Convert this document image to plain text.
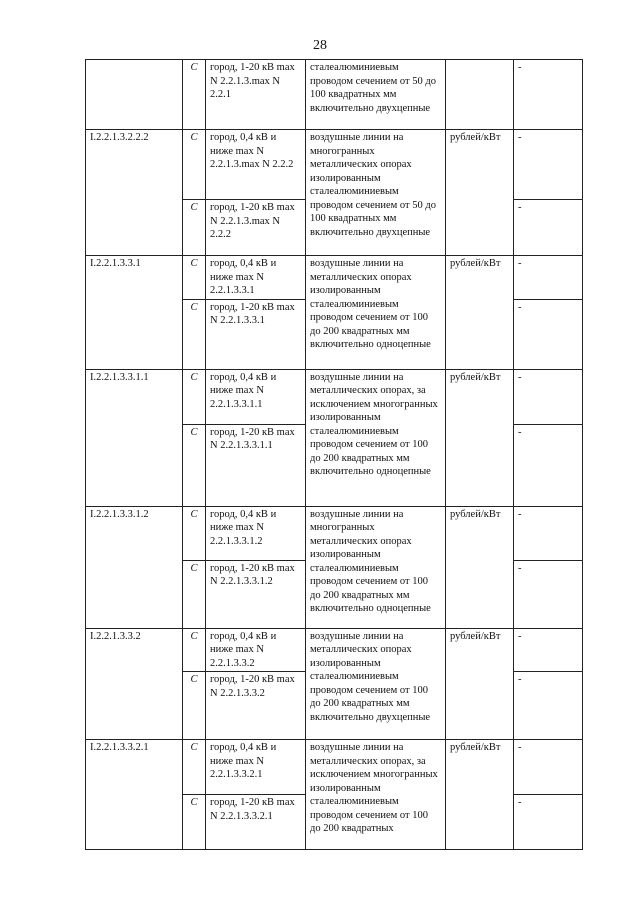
28
	С	город, 1-20 кВ max N 2.2.1.3.max N 2.2.1	сталеалюминиевым проводом сечением от 50 до 100 квадратных мм включительно двухцепные		-
I.2.2.1.3.2.2.2	С	город, 0,4 кВ и ниже max N 2.2.1.3.max N 2.2.2	воздушные линии на многогранных металлических опорах изолированным сталеалюминиевым проводом сечением от 50 до 100 квадратных мм включительно двухцепные	рублей/кВт	-
	С	город, 1-20 кВ max N 2.2.1.3.max N 2.2.2			-
I.2.2.1.3.3.1	С	город, 0,4 кВ и ниже max N 2.2.1.3.3.1	воздушные линии на металлических опорах изолированным сталеалюминиевым проводом сечением от 100 до 200 квадратных мм включительно одноцепные	рублей/кВт	-
	С	город, 1-20 кВ max N 2.2.1.3.3.1			-
I.2.2.1.3.3.1.1	С	город, 0,4 кВ и ниже max N 2.2.1.3.3.1.1	воздушные линии на металлических опорах, за исключением многогранных изолированным сталеалюминиевым проводом сечением от 100 до 200 квадратных мм включительно одноцепные	рублей/кВт	-
	С	город, 1-20 кВ max N 2.2.1.3.3.1.1			-
I.2.2.1.3.3.1.2	С	город, 0,4 кВ и ниже max N 2.2.1.3.3.1.2	воздушные линии на многогранных металлических опорах изолированным сталеалюминиевым проводом сечением от 100 до 200 квадратных мм включительно одноцепные	рублей/кВт	-
	С	город, 1-20 кВ max N 2.2.1.3.3.1.2			-
I.2.2.1.3.3.2	С	город, 0,4 кВ и ниже max N 2.2.1.3.3.2	воздушные линии на металлических опорах изолированным сталеалюминиевым проводом сечением от 100 до 200 квадратных мм включительно двухцепные	рублей/кВт	-
	С	город, 1-20 кВ max N 2.2.1.3.3.2			-
I.2.2.1.3.3.2.1	С	город, 0,4 кВ и ниже max N 2.2.1.3.3.2.1	воздушные линии на металлических опорах, за исключением многогранных изолированным сталеалюминиевым проводом сечением от 100 до 200 квадратных	рублей/кВт	-
	С	город, 1-20 кВ max N 2.2.1.3.3.2.1			-
